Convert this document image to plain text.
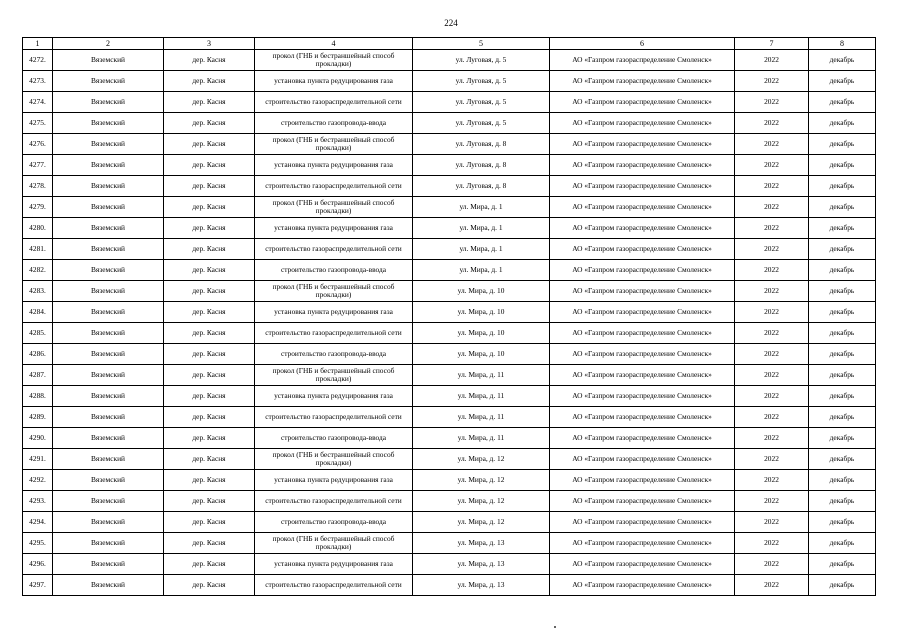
224
1	2	3	4	5	6	7	8
4272.	Вяземский	дер. Касня	прокол (ГНБ и бестраншейный способ прокладки)	ул. Луговая, д. 5	АО «Газпром газораспределение Смоленск»	2022	декабрь
4273.	Вяземский	дер. Касня	установка пункта редуцирования газа	ул. Луговая, д. 5	АО «Газпром газораспределение Смоленск»	2022	декабрь
4274.	Вяземский	дер. Касня	строительство газораспределительной сети	ул. Луговая, д. 5	АО «Газпром газораспределение Смоленск»	2022	декабрь
4275.	Вяземский	дер. Касня	строительство газопровода-ввода	ул. Луговая, д. 5	АО «Газпром газораспределение Смоленск»	2022	декабрь
4276.	Вяземский	дер. Касня	прокол (ГНБ и бестраншейный способ прокладки)	ул. Луговая, д. 8	АО «Газпром газораспределение Смоленск»	2022	декабрь
4277.	Вяземский	дер. Касня	установка пункта редуцирования газа	ул. Луговая, д. 8	АО «Газпром газораспределение Смоленск»	2022	декабрь
4278.	Вяземский	дер. Касня	строительство газораспределительной сети	ул. Луговая, д. 8	АО «Газпром газораспределение Смоленск»	2022	декабрь
4279.	Вяземский	дер. Касня	прокол (ГНБ и бестраншейный способ прокладки)	ул. Мира, д. 1	АО «Газпром газораспределение Смоленск»	2022	декабрь
4280.	Вяземский	дер. Касня	установка пункта редуцирования газа	ул. Мира, д. 1	АО «Газпром газораспределение Смоленск»	2022	декабрь
4281.	Вяземский	дер. Касня	строительство газораспределительной сети	ул. Мира, д. 1	АО «Газпром газораспределение Смоленск»	2022	декабрь
4282.	Вяземский	дер. Касня	строительство газопровода-ввода	ул. Мира, д. 1	АО «Газпром газораспределение Смоленск»	2022	декабрь
4283.	Вяземский	дер. Касня	прокол (ГНБ и бестраншейный способ прокладки)	ул. Мира, д. 10	АО «Газпром газораспределение Смоленск»	2022	декабрь
4284.	Вяземский	дер. Касня	установка пункта редуцирования газа	ул. Мира, д. 10	АО «Газпром газораспределение Смоленск»	2022	декабрь
4285.	Вяземский	дер. Касня	строительство газораспределительной сети	ул. Мира, д. 10	АО «Газпром газораспределение Смоленск»	2022	декабрь
4286.	Вяземский	дер. Касня	строительство газопровода-ввода	ул. Мира, д. 10	АО «Газпром газораспределение Смоленск»	2022	декабрь
4287.	Вяземский	дер. Касня	прокол (ГНБ и бестраншейный способ прокладки)	ул. Мира, д. 11	АО «Газпром газораспределение Смоленск»	2022	декабрь
4288.	Вяземский	дер. Касня	установка пункта редуцирования газа	ул. Мира, д. 11	АО «Газпром газораспределение Смоленск»	2022	декабрь
4289.	Вяземский	дер. Касня	строительство газораспределительной сети	ул. Мира, д. 11	АО «Газпром газораспределение Смоленск»	2022	декабрь
4290.	Вяземский	дер. Касня	строительство газопровода-ввода	ул. Мира, д. 11	АО «Газпром газораспределение Смоленск»	2022	декабрь
4291.	Вяземский	дер. Касня	прокол (ГНБ и бестраншейный способ прокладки)	ул. Мира, д. 12	АО «Газпром газораспределение Смоленск»	2022	декабрь
4292.	Вяземский	дер. Касня	установка пункта редуцирования газа	ул. Мира, д. 12	АО «Газпром газораспределение Смоленск»	2022	декабрь
4293.	Вяземский	дер. Касня	строительство газораспределительной сети	ул. Мира, д. 12	АО «Газпром газораспределение Смоленск»	2022	декабрь
4294.	Вяземский	дер. Касня	строительство газопровода-ввода	ул. Мира, д. 12	АО «Газпром газораспределение Смоленск»	2022	декабрь
4295.	Вяземский	дер. Касня	прокол (ГНБ и бестраншейный способ прокладки)	ул. Мира, д. 13	АО «Газпром газораспределение Смоленск»	2022	декабрь
4296.	Вяземский	дер. Касня	установка пункта редуцирования газа	ул. Мира, д. 13	АО «Газпром газораспределение Смоленск»	2022	декабрь
4297.	Вяземский	дер. Касня	строительство газораспределительной сети	ул. Мира, д. 13	АО «Газпром газораспределение Смоленск»	2022	декабрь
